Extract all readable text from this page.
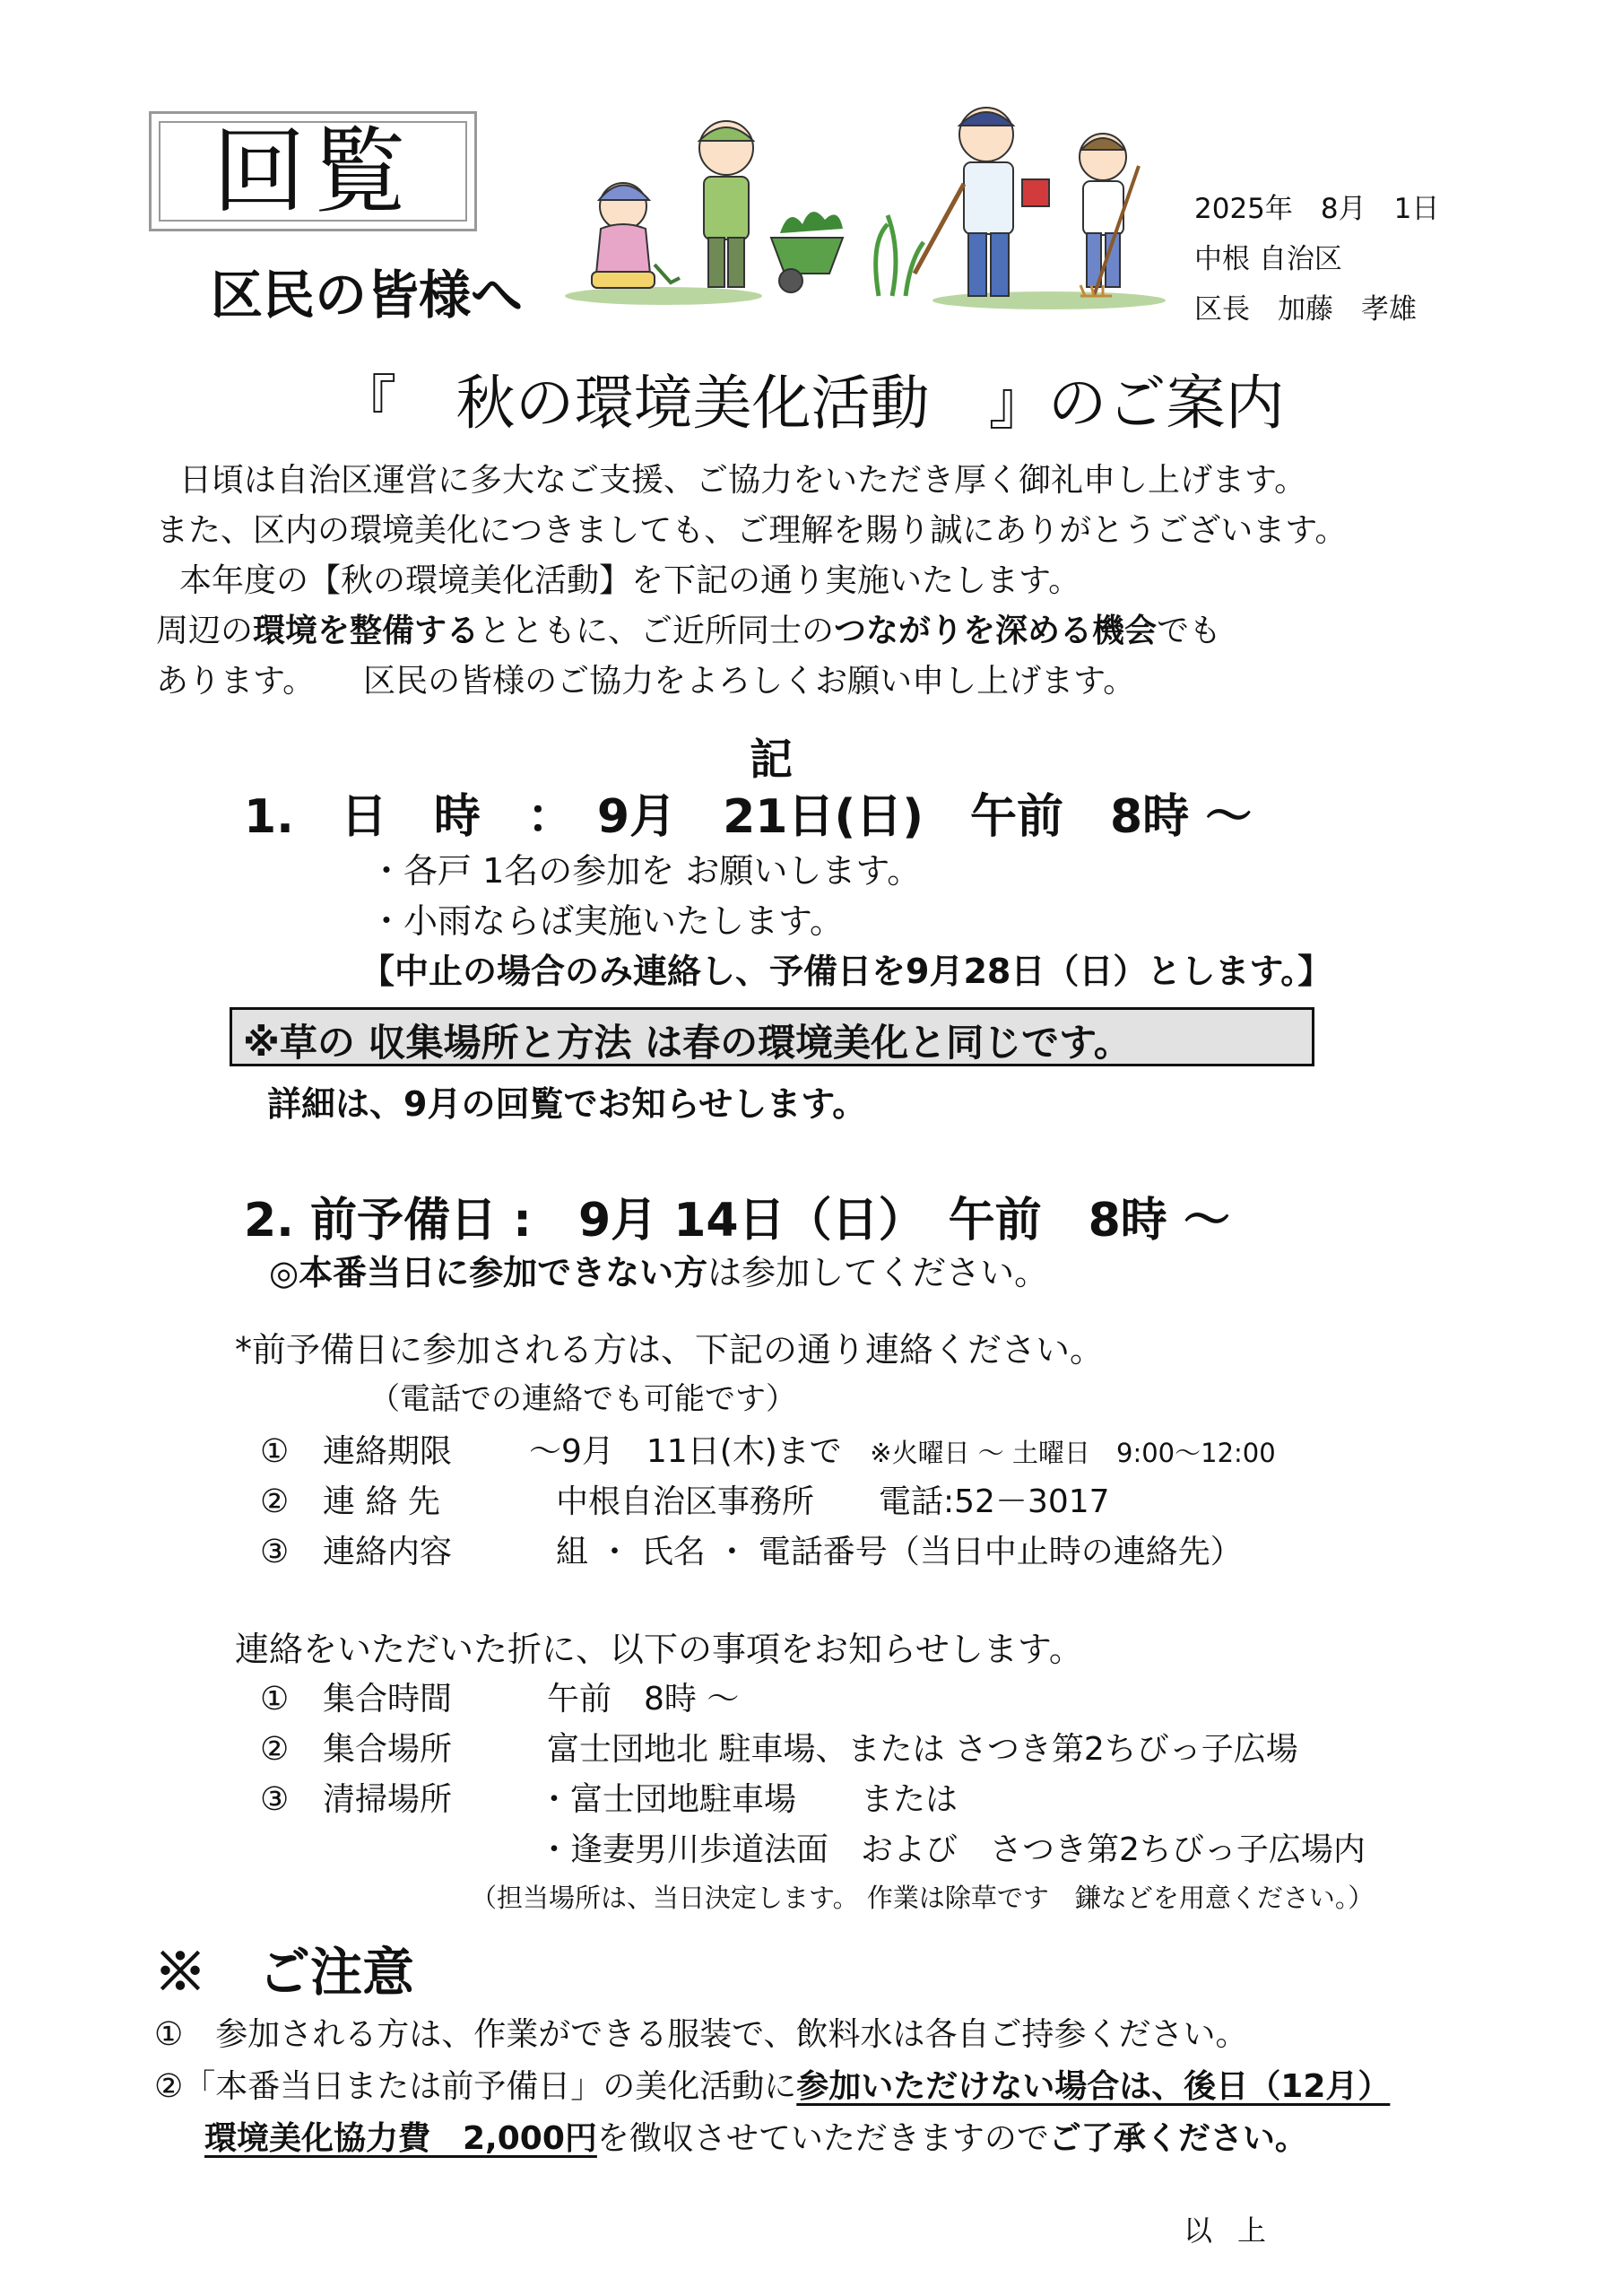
回覧
区民の皆様へ
2025年　8月　1日
中根 自治区
区長　加藤　孝雄
『　秋の環境美化活動　』のご案内
日頃は自治区運営に多大なご支援、ご協力をいただき厚く御礼申し上げます。
また、区内の環境美化につきましても、ご理解を賜り誠にありがとうございます。
本年度の【秋の環境美化活動】を下記の通り実施いたします。
周辺の環境を整備するとともに、ご近所同士のつながりを深める機会でも
あります。　　区民の皆様のご協力をよろしくお願い申し上げます。
記
1.　日　時　：　9月　21日(日)　午前　8時 ～
・各戸 1名の参加を お願いします。
・小雨ならば実施いたします。
【中止の場合のみ連絡し、予備日を9月28日（日）とします。】
※草の 収集場所と方法 は春の環境美化と同じです。
詳細は、9月の回覧でお知らせします。
2. 前予備日 :　9月 14日（日）　午前　8時 ～
◎本番当日に参加できない方は参加してください。
*前予備日に参加される方は、下記の通り連絡ください。
（電話での連絡でも可能です）
① 連絡期限 ～9月　11日(木)まで ※火曜日 ～ 土曜日　9:00～12:00
② 連 絡 先	中根自治区事務所　　電話:52－3017
③ 連絡内容	組 ・ 氏名 ・ 電話番号（当日中止時の連絡先）
連絡をいただいた折に、以下の事項をお知らせします。
① 集合時間	午前　8時 ～
② 集合場所	富士団地北 駐車場、または さつき第2ちびっ子広場
③ 清掃場所	・富士団地駐車場　　または
・逢妻男川歩道法面　および　さつき第2ちびっ子広場内
（担当場所は、当日決定します。 作業は除草です　鎌などを用意ください。）
※　ご注意
①　参加される方は、作業ができる服装で、飲料水は各自ご持参ください。
②「本番当日または前予備日」の美化活動に参加いただけない場合は、後日（12月）
環境美化協力費　2,000円を徴収させていただきますのでご了承ください。
以上
